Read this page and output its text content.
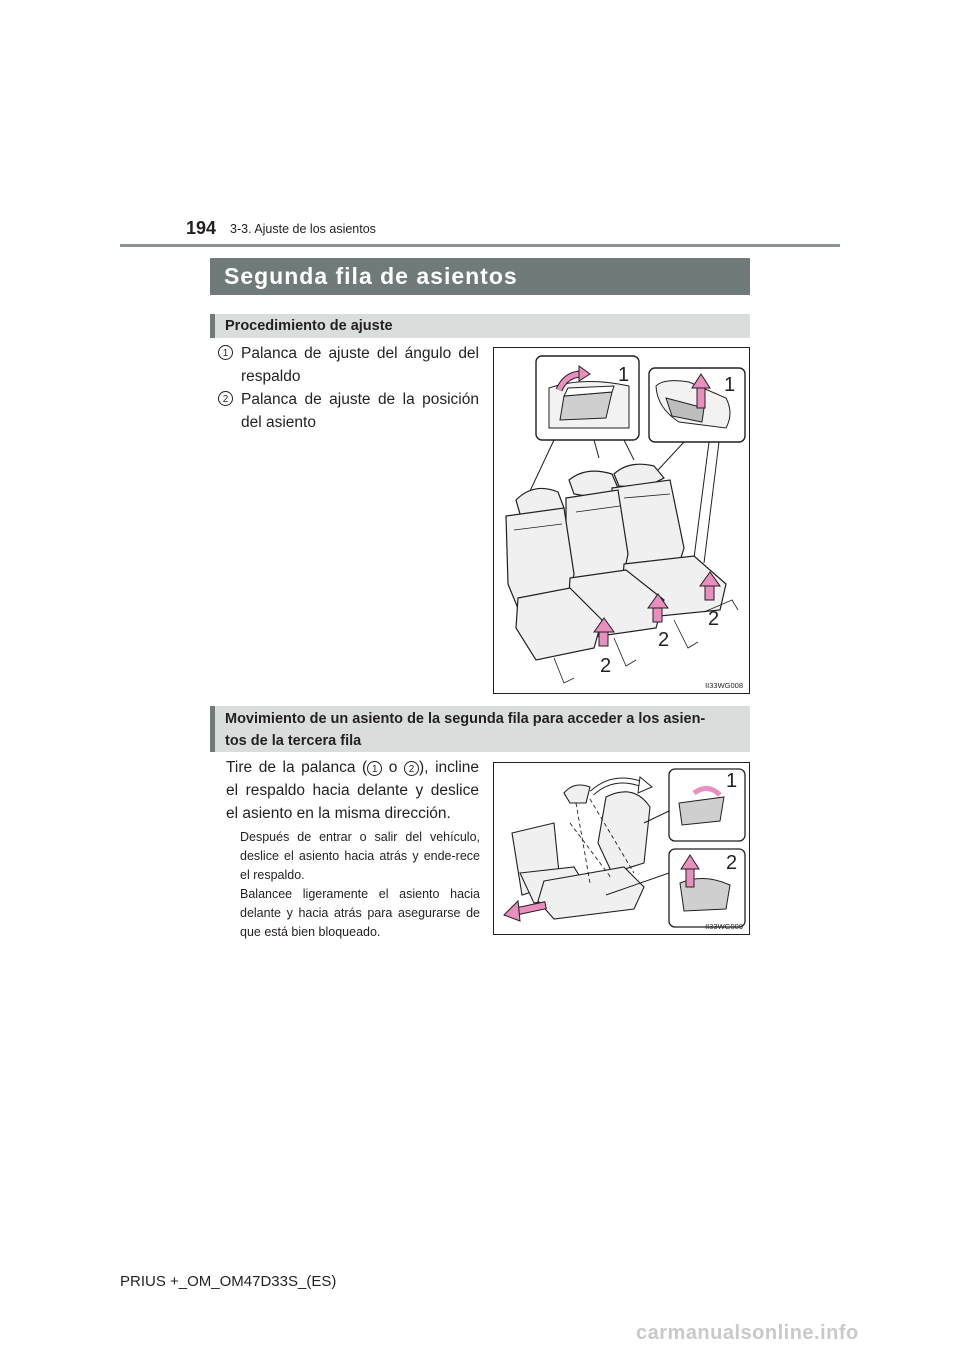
194 3-3. Ajuste de los asientos
Segunda fila de asientos
Procedimiento de ajuste
1 Palanca de ajuste del ángulo del respaldo
2 Palanca de ajuste de la posición del asiento
1	1
2
2
2
II33WG008
Movimiento de un asiento de la segunda fila para acceder a los asien-
tos de la tercera fila
Tire de la palanca ( 1 o 2 ), incline el respaldo hacia delante y deslice el asiento en la misma dirección.
Después de entrar o salir del vehículo, deslice el asiento hacia atrás y ende-rece el respaldo.
Balancee ligeramente el asiento hacia delante y hacia atrás para asegurarse de que está bien bloqueado.
1
2
II33WG009
PRIUS +_OM_OM47D33S_(ES)
carmanualsonline.info
